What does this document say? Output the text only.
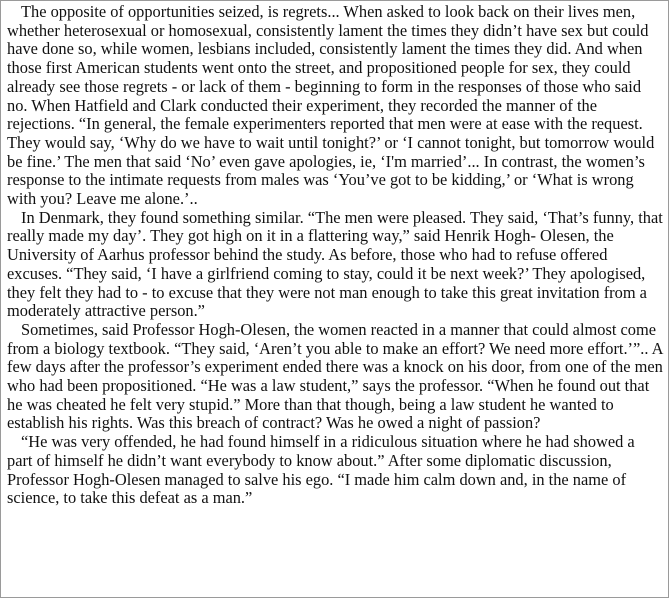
The opposite of opportunities seized, is regrets... When asked to look back on their lives men, whether heterosexual or homosexual, consistently lament the times they didn’t have sex but could have done so, while women, lesbians included, consistently lament the times they did. And when those first American students went onto the street, and propositioned people for sex, they could already see those regrets - or lack of them - beginning to form in the responses of those who said no. When Hatfield and Clark conducted their experiment, they recorded the manner of the rejections. “In general, the female experimenters reported that men were at ease with the request. They would say, ‘Why do we have to wait until tonight?’ or ‘I cannot tonight, but tomorrow would be fine.’ The men that said ‘No’ even gave apologies, ie, ‘I'm married’... In contrast, the women’s response to the intimate requests from males was ‘You’ve got to be kidding,’ or ‘What is wrong with you? Leave me alone.’..

In Denmark, they found something similar. “The men were pleased. They said, ‘That’s funny, that really made my day’. They got high on it in a flattering way,” said Henrik Hogh- Olesen, the University of Aarhus professor behind the study. As before, those who had to refuse offered excuses. “They said, ‘I have a girlfriend coming to stay, could it be next week?’ They apologised, they felt they had to - to excuse that they were not man enough to take this great invitation from a moderately attractive person.”

Sometimes, said Professor Hogh-Olesen, the women reacted in a manner that could almost come from a biology textbook. “They said, ‘Aren’t you able to make an effort? We need more effort.’”.. A few days after the professor’s experiment ended there was a knock on his door, from one of the men who had been propositioned. “He was a law student,” says the professor. “When he found out that he was cheated he felt very stupid.” More than that though, being a law student he wanted to establish his rights. Was this breach of contract? Was he owed a night of passion?

“He was very offended, he had found himself in a ridiculous situation where he had showed a part of himself he didn’t want everybody to know about.” After some diplomatic discussion, Professor Hogh-Olesen managed to salve his ego. “I made him calm down and, in the name of science, to take this defeat as a man.”
